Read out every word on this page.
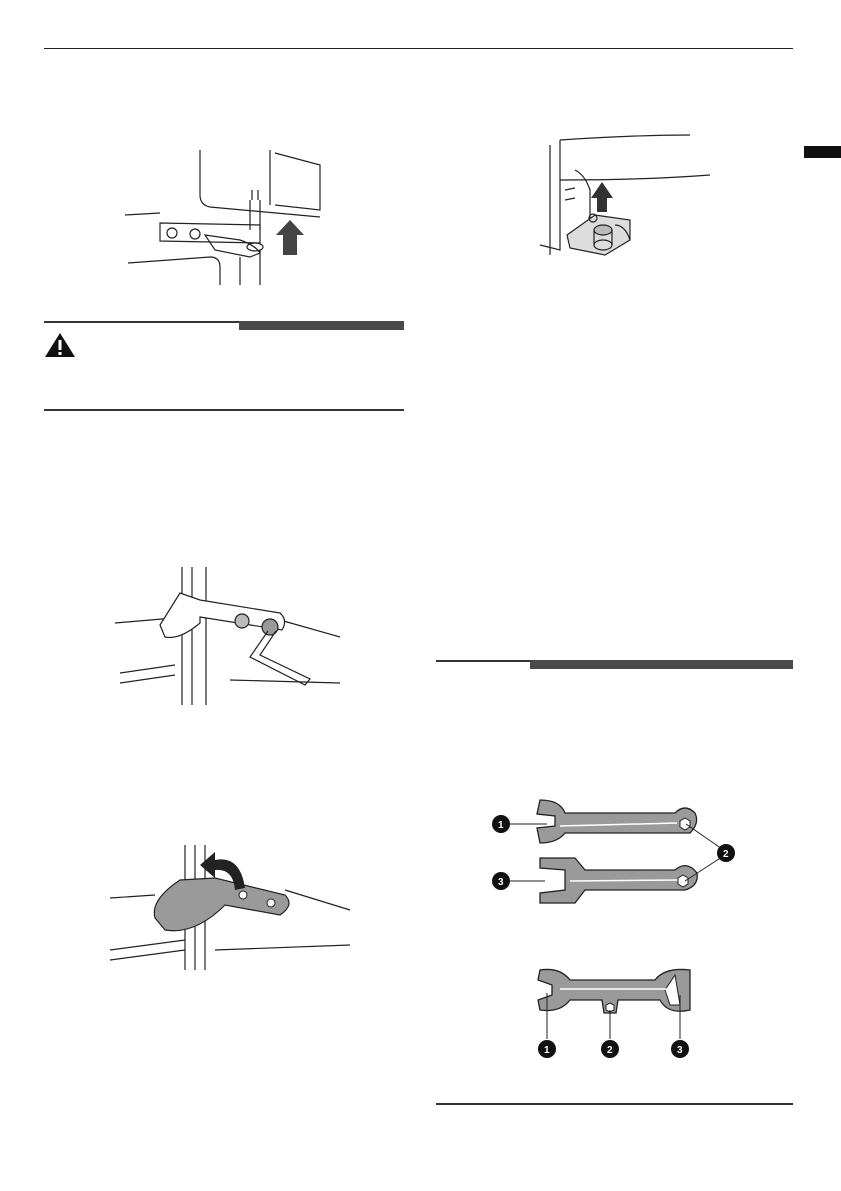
1
2
3
1	2	3
